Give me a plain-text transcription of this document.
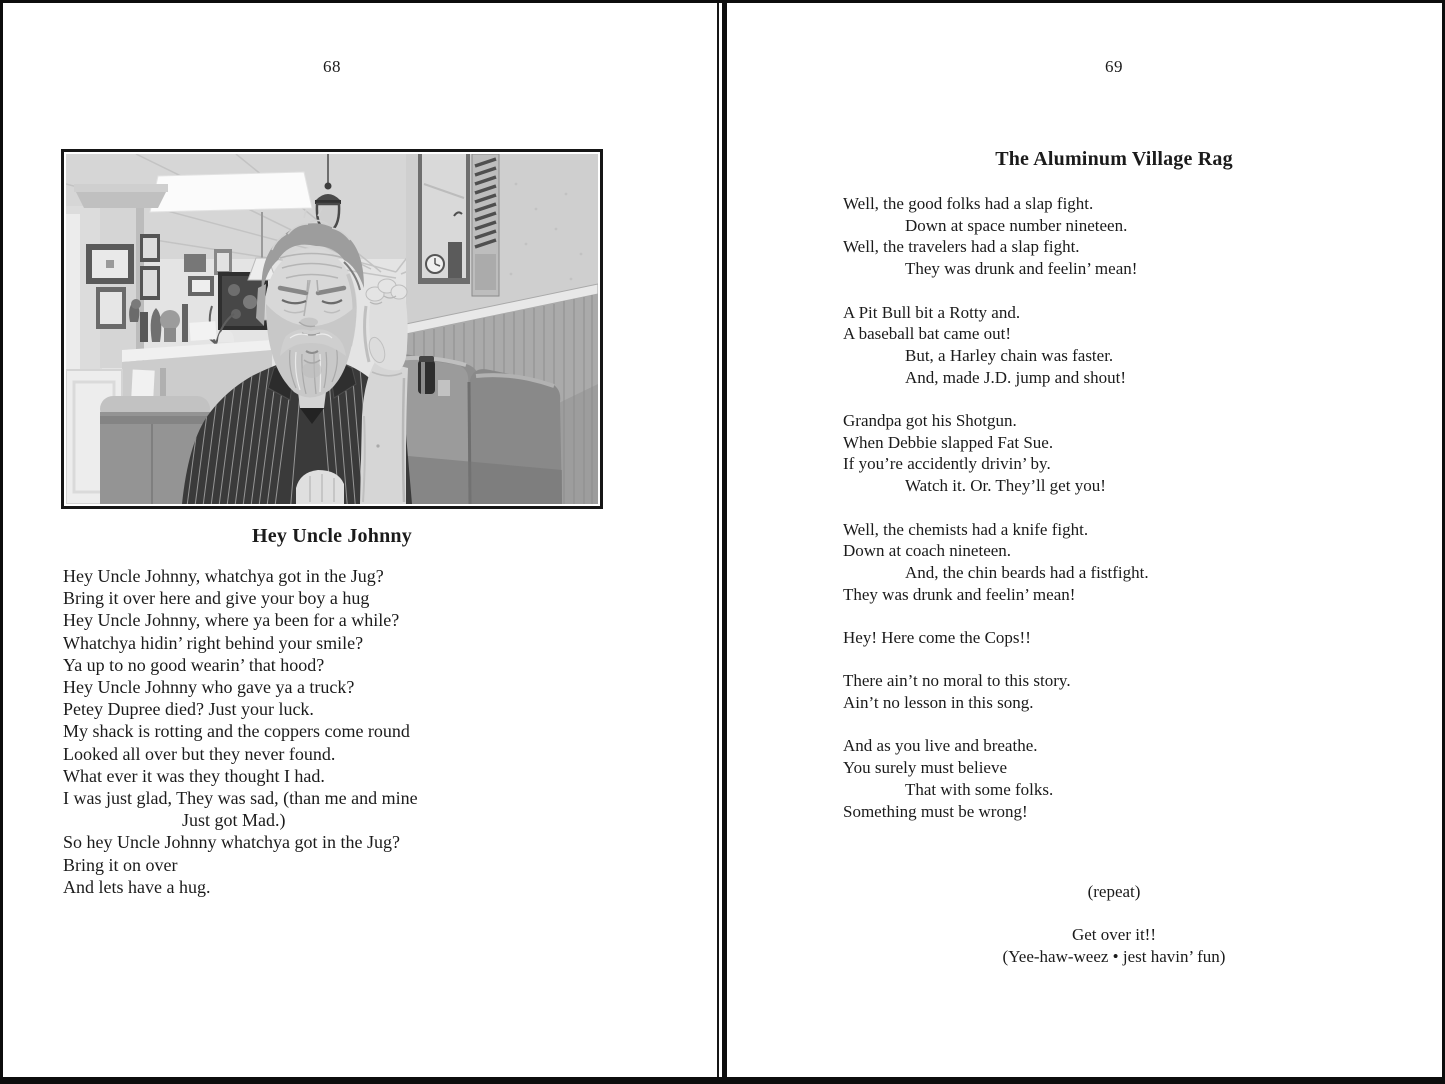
68
Hey Uncle Johnny
Hey Uncle Johnny, whatchya got in the Jug?
Bring it over here and give your boy a hug
Hey Uncle Johnny, where ya been for a while?
Whatchya hidin’ right behind your smile?
Ya up to no good wearin’ that hood?
Hey Uncle Johnny who gave ya a truck?
Petey Dupree died? Just your luck.
My shack is rotting and the coppers come round
Looked all over but they never found.
What ever it was they thought I had.
I was just glad, They was sad, (than me and mine
Just got Mad.)
So hey Uncle Johnny whatchya got in the Jug?
Bring it on over
And lets have a hug.
69
The Aluminum Village Rag
Well, the good folks had a slap fight.
Down at space number nineteen.
Well, the travelers had a slap fight.
They was drunk and feelin’ mean!
A Pit Bull bit a Rotty and.
A baseball bat came out!
But, a Harley chain was faster.
And, made J.D. jump and shout!
Grandpa got his Shotgun.
When Debbie slapped Fat Sue.
If you’re accidently drivin’ by.
Watch it. Or. They’ll get you!
Well, the chemists had a knife fight.
Down at coach nineteen.
And, the chin beards had a fistfight.
They was drunk and feelin’ mean!
Hey! Here come the Cops!!
There ain’t no moral to this story.
Ain’t no lesson in this song.
And as you live and breathe.
You surely must believe
That with some folks.
Something must be wrong!
(repeat)
Get over it!!
(Yee-haw-weez • jest havin’ fun)
